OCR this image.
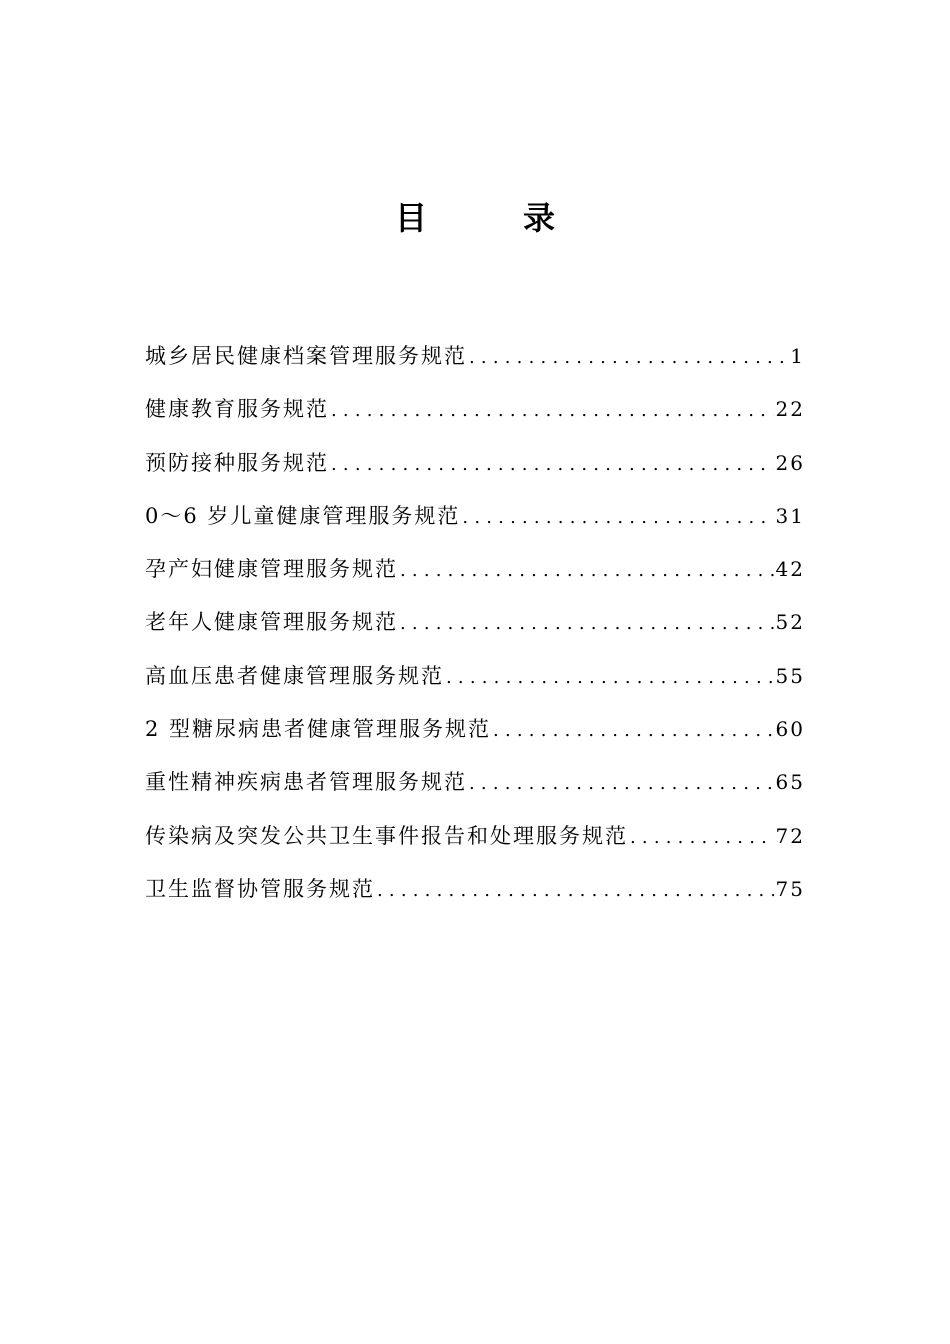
目　录
城乡居民健康档案管理服务规范 .....	1
健康教育服务规范 .....	22
预防接种服务规范 .....	26
0～6 岁儿童健康管理服务规范 .....	31
孕产妇健康管理服务规范 .....	42
老年人健康管理服务规范 .....	52
高血压患者健康管理服务规范 .....	55
2 型糖尿病患者健康管理服务规范 .....	60
重性精神疾病患者管理服务规范 .....	65
传染病及突发公共卫生事件报告和处理服务规范 .....	72
卫生监督协管服务规范 .....	75
